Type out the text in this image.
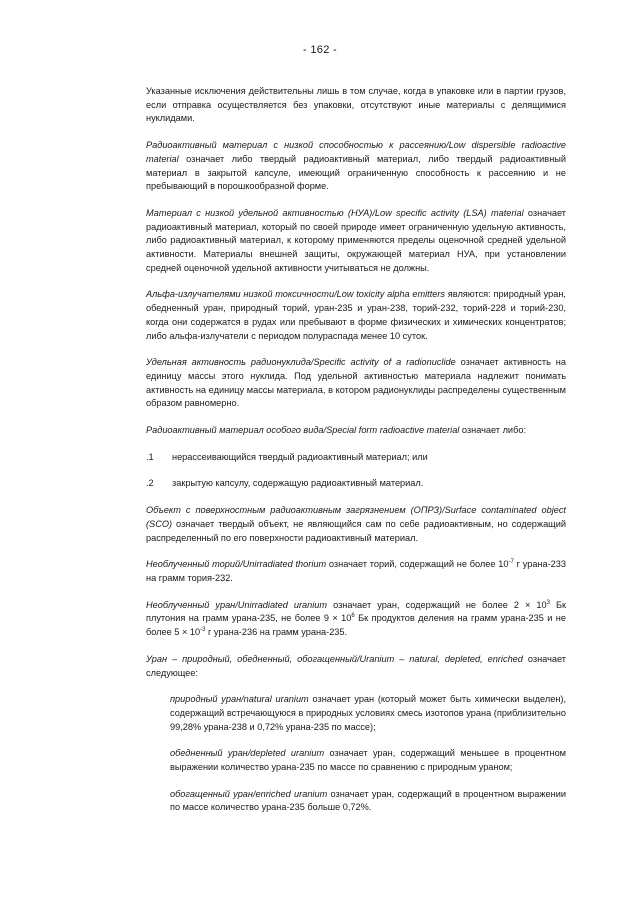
- 162 -

Указанные исключения действительны лишь в том случае, когда в упаковке или в партии грузов, если отправка осуществляется без упаковки, отсутствуют иные материалы с делящимися нуклидами.

Радиоактивный материал с низкой способностью к рассеянию/Low dispersible radioactive material означает либо твердый радиоактивный материал, либо твердый радиоактивный материал в закрытой капсуле, имеющий ограниченную способность к рассеянию и не пребывающий в порошкообразной форме.

Материал с низкой удельной активностью (НУА)/Low specific activity (LSA) material означает радиоактивный материал, который по своей природе имеет ограниченную удельную активность, либо радиоактивный материал, к которому применяются пределы оценочной средней удельной активности. Материалы внешней защиты, окружающей материал НУА, при установлении средней оценочной удельной активности учитываться не должны.

Альфа-излучателями низкой токсичности/Low toxicity alpha emitters являются: природный уран, обедненный уран, природный торий, уран-235 и уран-238, торий-232, торий-228 и торий-230, когда они содержатся в рудах или пребывают в форме физических и химических концентратов; либо альфа-излучатели с периодом полураспада менее 10 суток.

Удельная активность радионуклида/Specific activity of a radionuclide означает активность на единицу массы этого нуклида. Под удельной активностью материала надлежит понимать активность на единицу массы материала, в котором радионуклиды распределены существенным образом равномерно.

Радиоактивный материал особого вида/Special form radioactive material означает либо:

.1	нерассеивающийся твердый радиоактивный материал; или
.2	закрытую капсулу, содержащую радиоактивный материал.

Объект с поверхностным радиоактивным загрязнением (ОПРЗ)/Surface contaminated object (SCO) означает твердый объект, не являющийся сам по себе радиоактивным, но содержащий распределенный по его поверхности радиоактивный материал.

Необлученный торий/Unirradiated thorium означает торий, содержащий не более $10^{-7}$ г урана-233 на грамм тория-232.

Необлученный уран/Unirradiated uranium означает уран, содержащий не более $2 \times 10^3$ Бк плутония на грамм урана-235, не более $9 \times 10^6$ Бк продуктов деления на грамм урана-235 и не более $5 \times 10^{-3}$ г урана-236 на грамм урана-235.

Уран – природный, обедненный, обогащенный/Uranium – natural, depleted, enriched означает следующее:

природный уран/natural uranium означает уран (который может быть химически выделен), содержащий встречающуюся в природных условиях смесь изотопов урана (приблизительно 99,28% урана-238 и 0,72% урана-235 по массе);

обедненный уран/depleted uranium означает уран, содержащий меньшее в процентном выражении количество урана-235 по массе по сравнению с природным ураном;

обогащенный уран/enriched uranium означает уран, содержащий в процентном выражении по массе количество урана-235 больше 0,72%.
